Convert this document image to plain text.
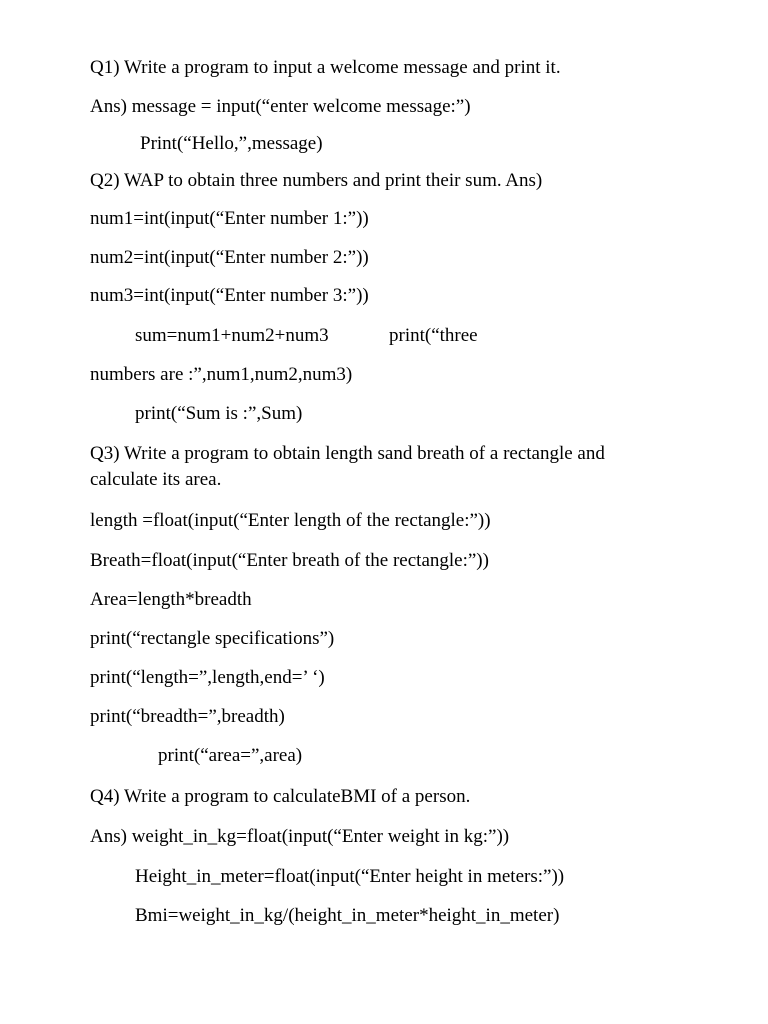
Q1) Write a program to input a welcome message and print it.
Ans) message = input(“enter welcome message:”)
Print(“Hello,”,message)
Q2) WAP to obtain three numbers and print their sum. Ans)
num1=int(input(“Enter number 1:”))
num2=int(input(“Enter number 2:”))
num3=int(input(“Enter number 3:”))
sum=num1+num2+num3	print(“three
numbers are :”,num1,num2,num3)
print(“Sum is :”,Sum)
Q3) Write a program to obtain length sand breath of a rectangle and calculate its area.
length =float(input(“Enter length of the rectangle:”))
Breath=float(input(“Enter breath of the rectangle:”))
Area=length*breadth
print(“rectangle specifications”)
print(“length=”,length,end=’ ‘)
print(“breadth=”,breadth)
print(“area=”,area)
Q4) Write a program to calculateBMI of a person.
Ans) weight_in_kg=float(input(“Enter weight in kg:”))
Height_in_meter=float(input(“Enter height in meters:”))
Bmi=weight_in_kg/(height_in_meter*height_in_meter)
